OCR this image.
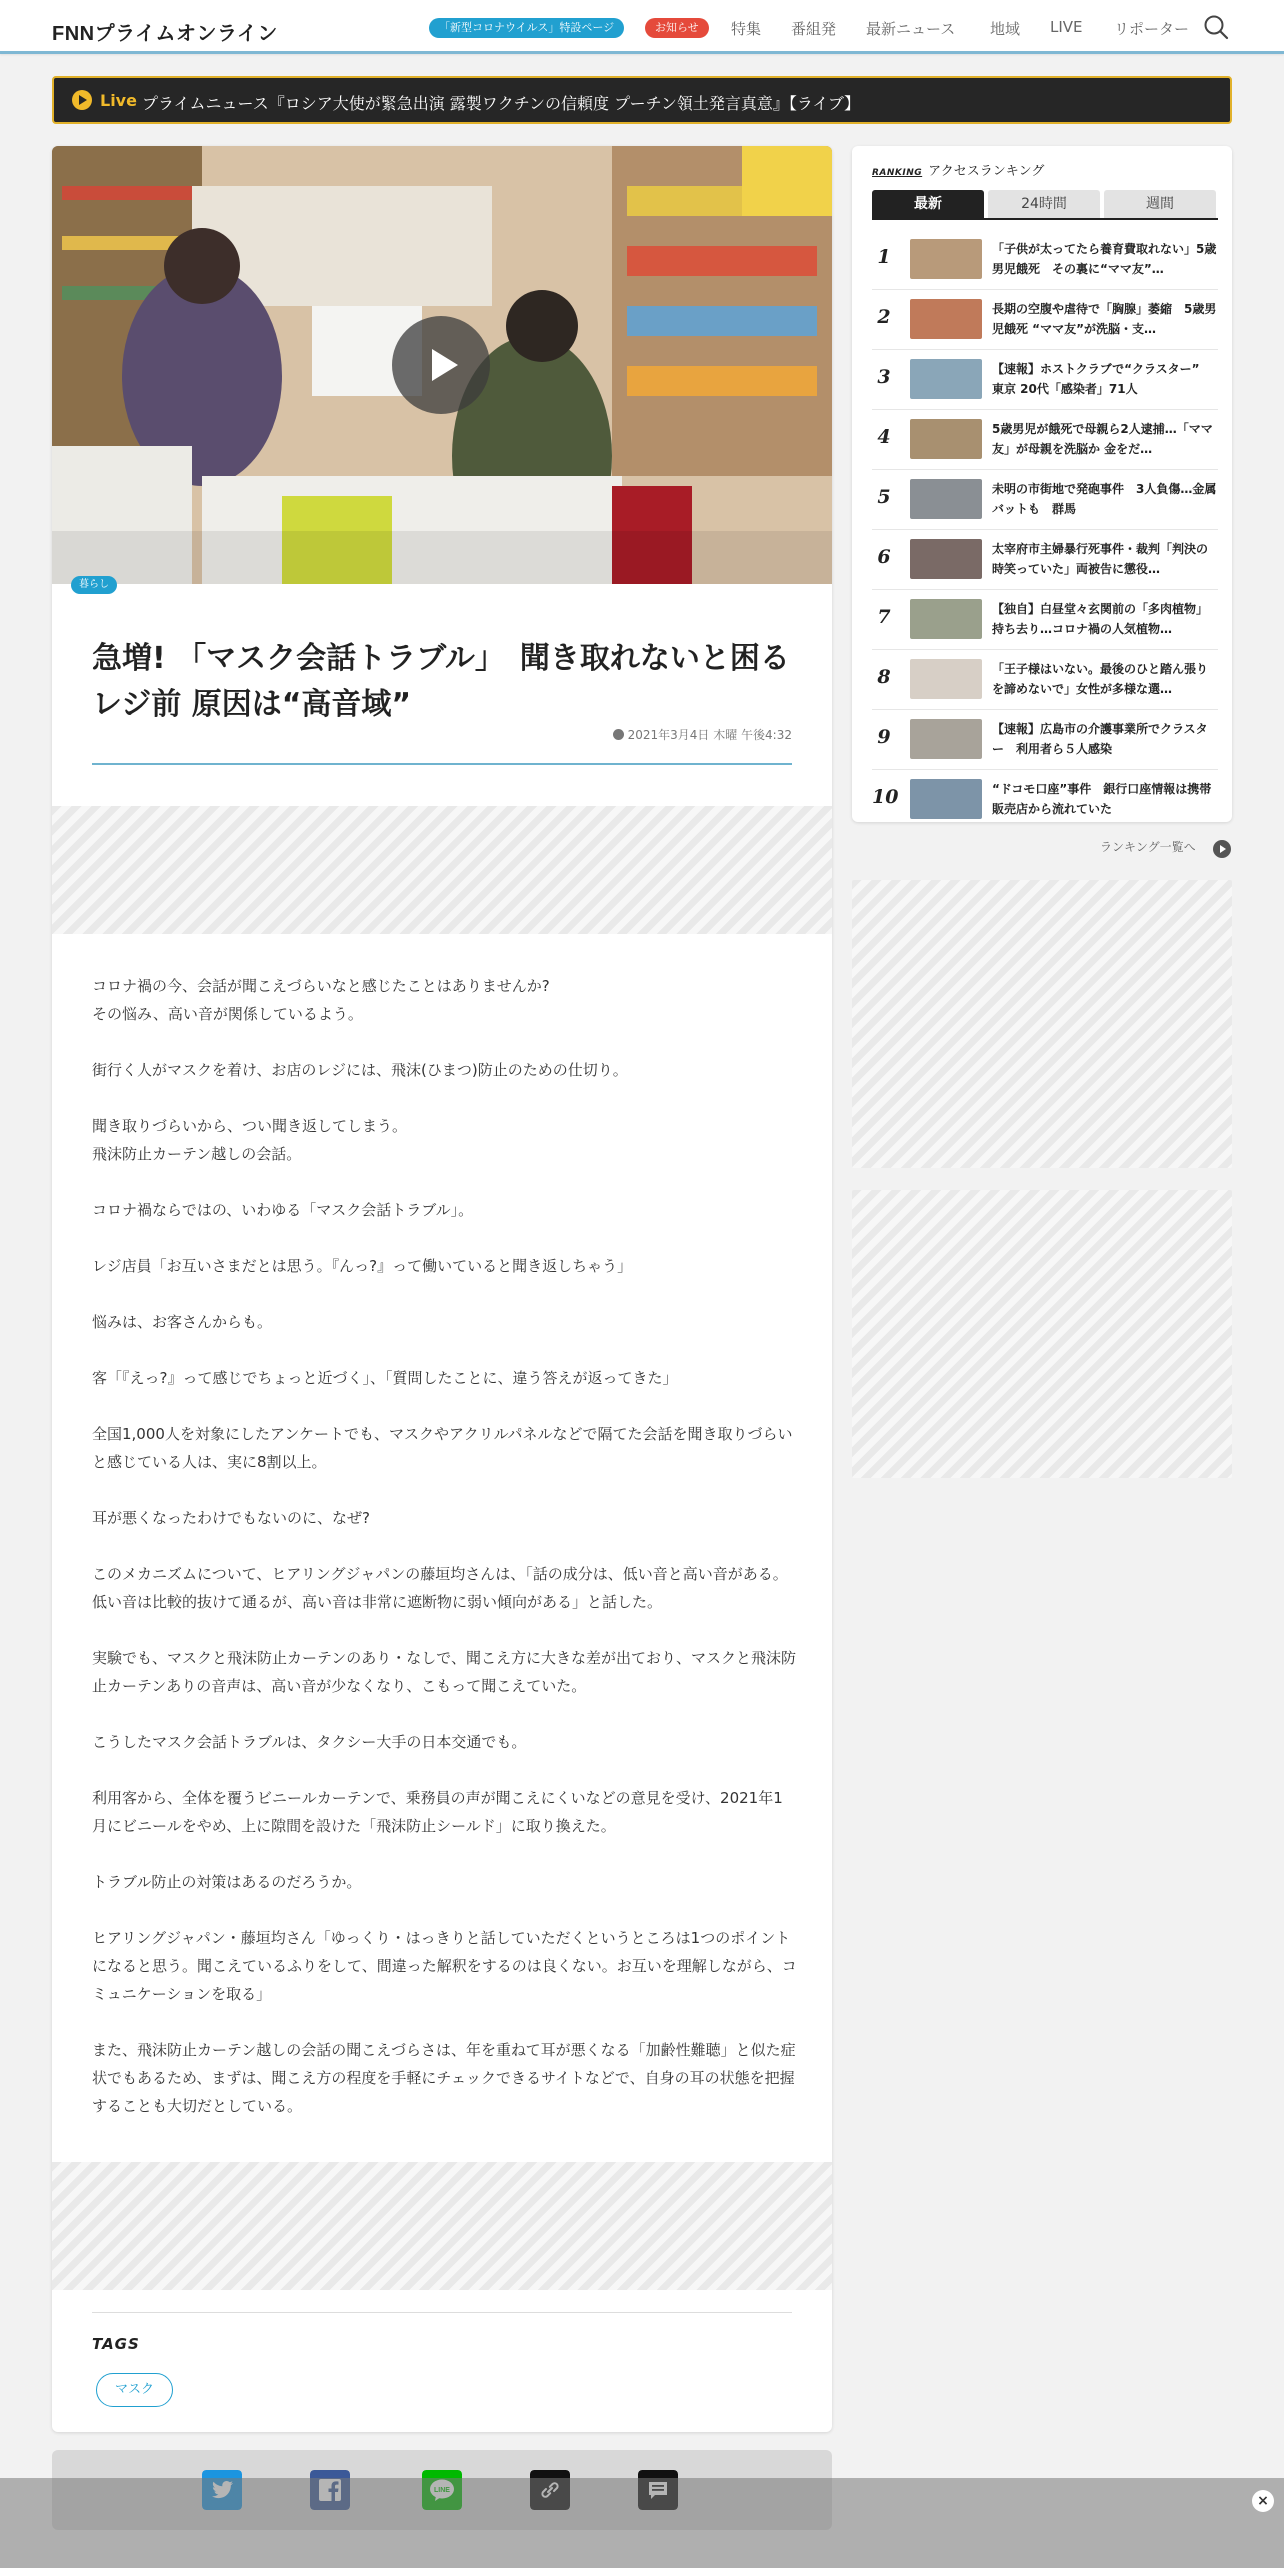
FNNプライムオンライン	「新型コロナウイルス」特設ページ	お知らせ	特集 番組発 最新ニュース 地域 LIVE リポーター
Live プライムニュース『ロシア大使が緊急出演 露製ワクチンの信頼度 プーチン領土発言真意』【ライブ】
暮らし
急増! 「マスク会話トラブル」　聞き取れないと困るレジ前 原因は“高音域”
2021年3月4日 木曜 午後4:32

コロナ禍の今、会話が聞こえづらいなと感じたことはありませんか?
その悩み、高い音が関係しているよう。

街行く人がマスクを着け、お店のレジには、飛沫(ひまつ)防止のための仕切り。

聞き取りづらいから、つい聞き返してしまう。
飛沫防止カーテン越しの会話。

コロナ禍ならではの、いわゆる「マスク会話トラブル」。

レジ店員「お互いさまだとは思う。『んっ?』って働いていると聞き返しちゃう」

悩みは、お客さんからも。

客「『えっ?』って感じでちょっと近づく」、「質問したことに、違う答えが返ってきた」

全国1,000人を対象にしたアンケートでも、マスクやアクリルパネルなどで隔てた会話を聞き取りづらいと感じている人は、実に8割以上。

耳が悪くなったわけでもないのに、なぜ?

このメカニズムについて、ヒアリングジャパンの藤垣均さんは、「話の成分は、低い音と高い音がある。低い音は比較的抜けて通るが、高い音は非常に遮断物に弱い傾向がある」と話した。

実験でも、マスクと飛沫防止カーテンのあり・なしで、聞こえ方に大きな差が出ており、マスクと飛沫防止カーテンありの音声は、高い音が少なくなり、こもって聞こえていた。

こうしたマスク会話トラブルは、タクシー大手の日本交通でも。

利用客から、全体を覆うビニールカーテンで、乗務員の声が聞こえにくいなどの意見を受け、2021年1月にビニールをやめ、上に隙間を設けた「飛沫防止シールド」に取り換えた。

トラブル防止の対策はあるのだろうか。

ヒアリングジャパン・藤垣均さん「ゆっくり・はっきりと話していただくというところは1つのポイントになると思う。聞こえているふりをして、間違った解釈をするのは良くない。お互いを理解しながら、コミュニケーションを取る」

また、飛沫防止カーテン越しの会話の聞こえづらさは、年を重ねて耳が悪くなる「加齢性難聴」と似た症状でもあるため、まずは、聞こえ方の程度を手軽にチェックできるサイトなどで、自身の耳の状態を把握することも大切だとしている。

TAGS
マスク
×
RANKING アクセスランキング
最新	24時間	週間
1	「子供が太ってたら養育費取れない」5歳男児餓死　その裏に“ママ友”…
2	長期の空腹や虐待で「胸腺」萎縮　5歳男児餓死 “ママ友”が洗脳・支…
3	【速報】ホストクラブで“クラスター”　東京 20代「感染者」71人
4	5歳男児が餓死で母親ら2人逮捕…「ママ友」が母親を洗脳か 金をだ…
5	未明の市街地で発砲事件　3人負傷…金属バットも　群馬
6	太宰府市主婦暴行死事件・裁判「判決の時笑っていた」両被告に懲役…
7	【独自】白昼堂々玄関前の「多肉植物」持ち去り…コロナ禍の人気植物…
8	「王子様はいない。最後のひと踏ん張りを諦めないで」女性が多様な選…
9	【速報】広島市の介護事業所でクラスター　利用者ら５人感染
10	“ドコモ口座”事件　銀行口座情報は携帯販売店から流れていた
ランキング一覧へ
